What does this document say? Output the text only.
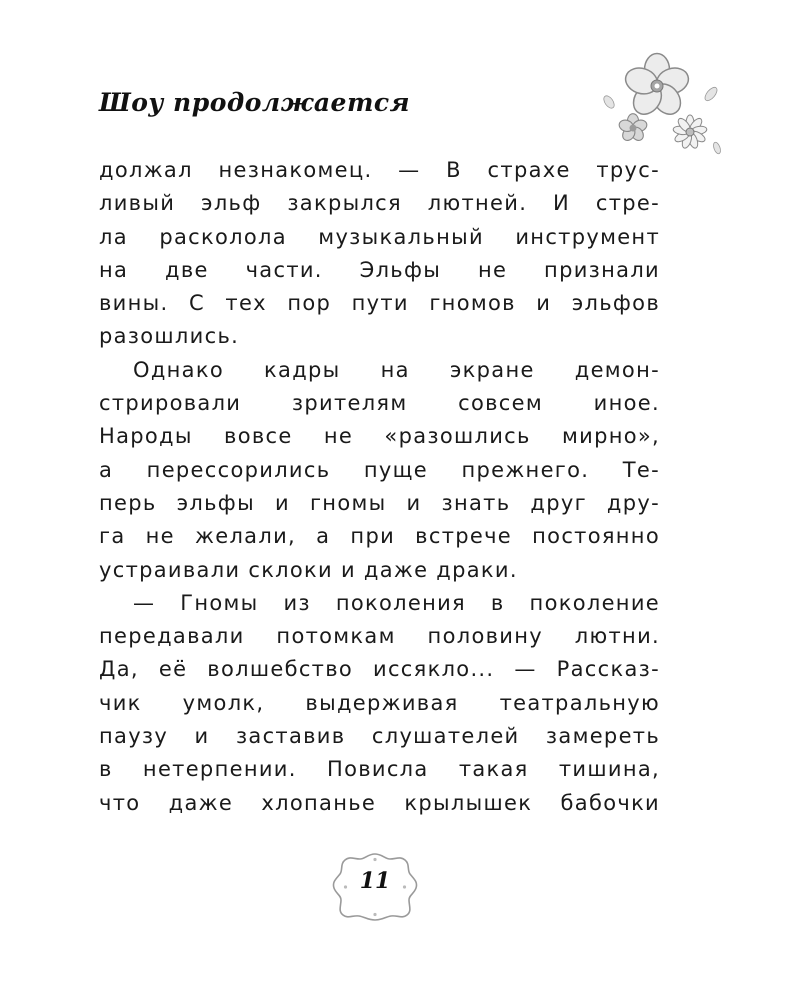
Шоу продолжается
должал незнакомец. — В страхе трус-
ливый эльф закрылся лютней. И стре-
ла расколола музыкальный инструмент
на две части. Эльфы не признали
вины. С тех пор пути гномов и эльфов
разошлись.
Однако кадры на экране демон-
стрировали зрителям совсем иное.
Народы вовсе не «разошлись мирно»,
а перессорились пуще прежнего. Те-
перь эльфы и гномы и знать друг дру-
га не желали, а при встрече постоянно
устраивали склоки и даже драки.
— Гномы из поколения в поколение
передавали потомкам половину лютни.
Да, её волшебство иссякло... — Рассказ-
чик умолк, выдерживая театральную
паузу и заставив слушателей замереть
в нетерпении. Повисла такая тишина,
что даже хлопанье крылышек бабочки
11
